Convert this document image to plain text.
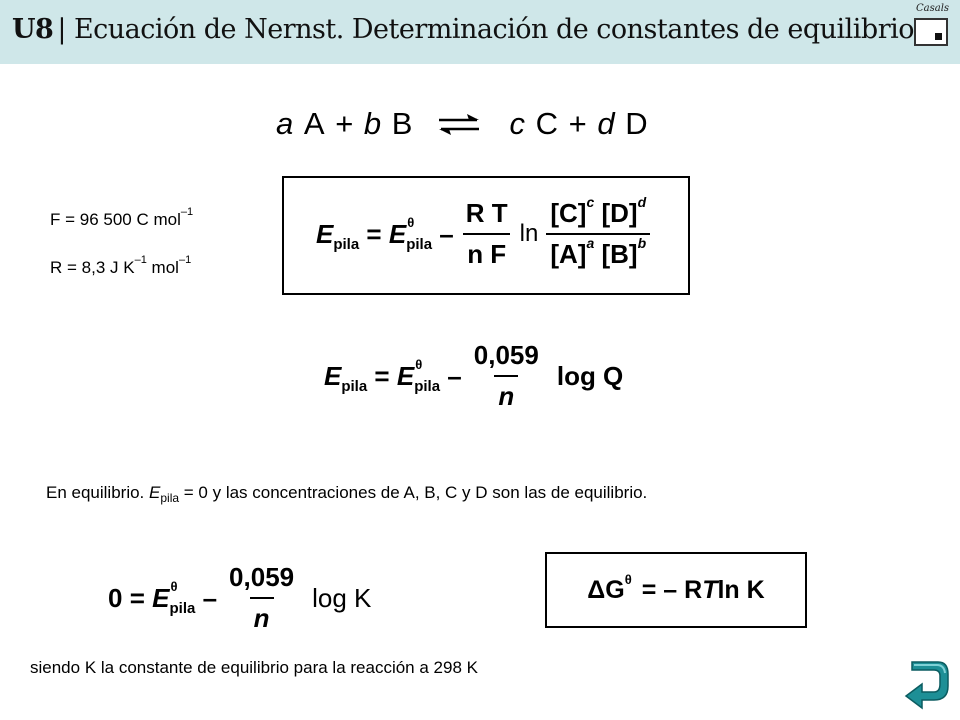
U8 | Ecuación de Nernst. Determinación de constantes de equilibrio
Casals
a
A
+
b
B ⇌ c
C
+
d
D
F = 96 500 C mol$^{-1}$
R = 8,3 J $K^{-1}$ mol$^{-1}$
E pila
=
E θ
pila
– $\frac{\text{R T}}{\text{n F}}$ $\ln \frac{[C]^c [D]^d}{[A]^a [B]^b}$
E pila
=
E θ
pila
– $\frac{0,059}{n}$ log Q
En equilibrio. $E_{pila} = 0$ y las concentraciones de A, B, C y D son las de equilibrio.
0
=
E θ
pila
– $\frac{0,059}{n}$ log K	ΔG θ = – R T ln K
siendo K la constante de equilibrio para la reacción a 298 K
